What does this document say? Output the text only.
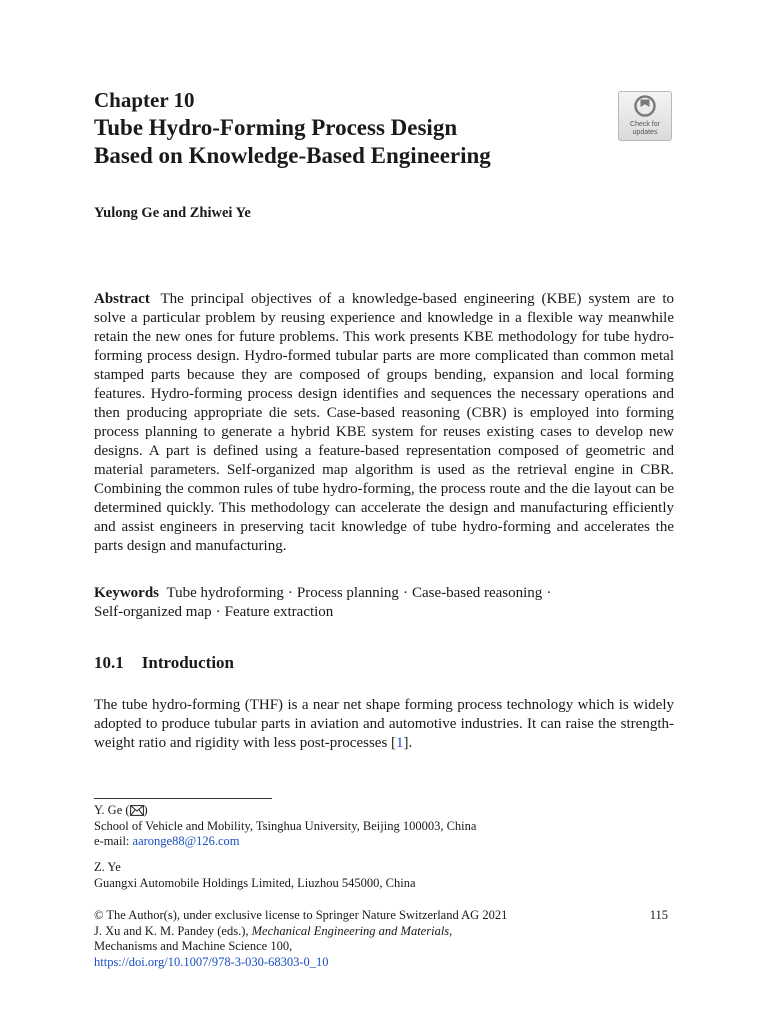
Chapter 10
Tube Hydro-Forming Process Design
Based on Knowledge-Based Engineering
Check for
updates
Yulong Ge and Zhiwei Ye
Abstract The principal objectives of a knowledge-based engineering (KBE) system are to solve a particular problem by reusing experience and knowledge in a flexible way meanwhile retain the new ones for future problems. This work presents KBE methodology for tube hydro-forming process design. Hydro-formed tubular parts are more complicated than common metal stamped parts because they are composed of groups bending, expansion and local forming features. Hydro-forming process design identifies and sequences the necessary operations and then producing appropriate die sets. Case-based reasoning (CBR) is employed into forming process planning to generate a hybrid KBE system for reuses existing cases to develop new designs. A part is defined using a feature-based representation composed of geometric and material parameters. Self-organized map algorithm is used as the retrieval engine in CBR. Combining the common rules of tube hydro-forming, the process route and the die layout can be determined quickly. This methodology can accelerate the design and manufacturing efficiently and assist engineers in preserving tacit knowledge of tube hydro-forming and accelerates the parts design and manufacturing.
Keywords Tube hydroforming · Process planning · Case-based reasoning ·
Self-organized map · Feature extraction
10.1 Introduction
The tube hydro-forming (THF) is a near net shape forming process technology which is widely adopted to produce tubular parts in aviation and automotive industries. It can raise the strength-weight ratio and rigidity with less post-processes [1].
Y. Ge ( )
School of Vehicle and Mobility, Tsinghua University, Beijing 100003, China
e-mail: aaronge88@126.com
Z. Ye
Guangxi Automobile Holdings Limited, Liuzhou 545000, China
© The Author(s), under exclusive license to Springer Nature Switzerland AG 2021
J. Xu and K. M. Pandey (eds.), Mechanical Engineering and Materials,
Mechanisms and Machine Science 100,
https://doi.org/10.1007/978-3-030-68303-0_10
115
